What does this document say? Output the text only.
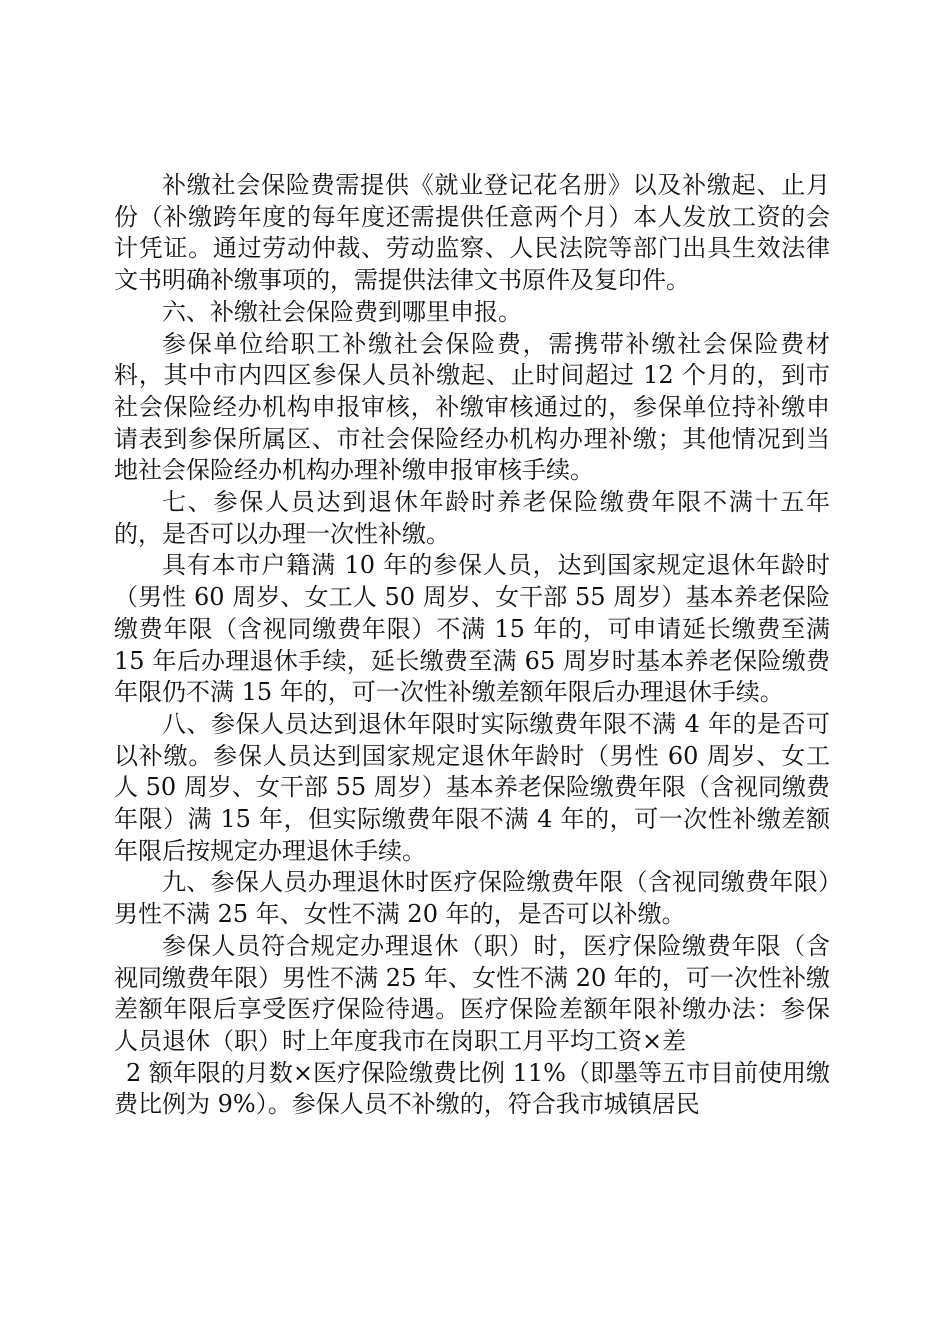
补缴社会保险费需提供《就业登记花名册》以及补缴起、止月份（补缴跨年度的每年度还需提供任意两个月）本人发放工资的会计凭证。通过劳动仲裁、劳动监察、人民法院等部门出具生效法律文书明确补缴事项的，需提供法律文书原件及复印件。

六、补缴社会保险费到哪里申报。

参保单位给职工补缴社会保险费，需携带补缴社会保险费材料，其中市内四区参保人员补缴起、止时间超过 12 个月的，到市社会保险经办机构申报审核，补缴审核通过的，参保单位持补缴申请表到参保所属区、市社会保险经办机构办理补缴；其他情况到当地社会保险经办机构办理补缴申报审核手续。

七、参保人员达到退休年龄时养老保险缴费年限不满十五年的，是否可以办理一次性补缴。

具有本市户籍满 10 年的参保人员，达到国家规定退休年龄时（男性 60 周岁、女工人 50 周岁、女干部 55 周岁）基本养老保险缴费年限（含视同缴费年限）不满 15 年的，可申请延长缴费至满 15 年后办理退休手续，延长缴费至满 65 周岁时基本养老保险缴费年限仍不满 15 年的，可一次性补缴差额年限后办理退休手续。

八、参保人员达到退休年限时实际缴费年限不满 4 年的是否可以补缴。参保人员达到国家规定退休年龄时（男性 60 周岁、女工人 50 周岁、女干部 55 周岁）基本养老保险缴费年限（含视同缴费年限）满 15 年，但实际缴费年限不满 4 年的，可一次性补缴差额年限后按规定办理退休手续。

九、参保人员办理退休时医疗保险缴费年限（含视同缴费年限）男性不满 25 年、女性不满 20 年的，是否可以补缴。

参保人员符合规定办理退休（职）时，医疗保险缴费年限（含视同缴费年限）男性不满 25 年、女性不满 20 年的，可一次性补缴差额年限后享受医疗保险待遇。医疗保险差额年限补缴办法：参保人员退休（职）时上年度我市在岗职工月平均工资×差

2 额年限的月数×医疗保险缴费比例 11%（即墨等五市目前使用缴费比例为 9%）。参保人员不补缴的，符合我市城镇居民
